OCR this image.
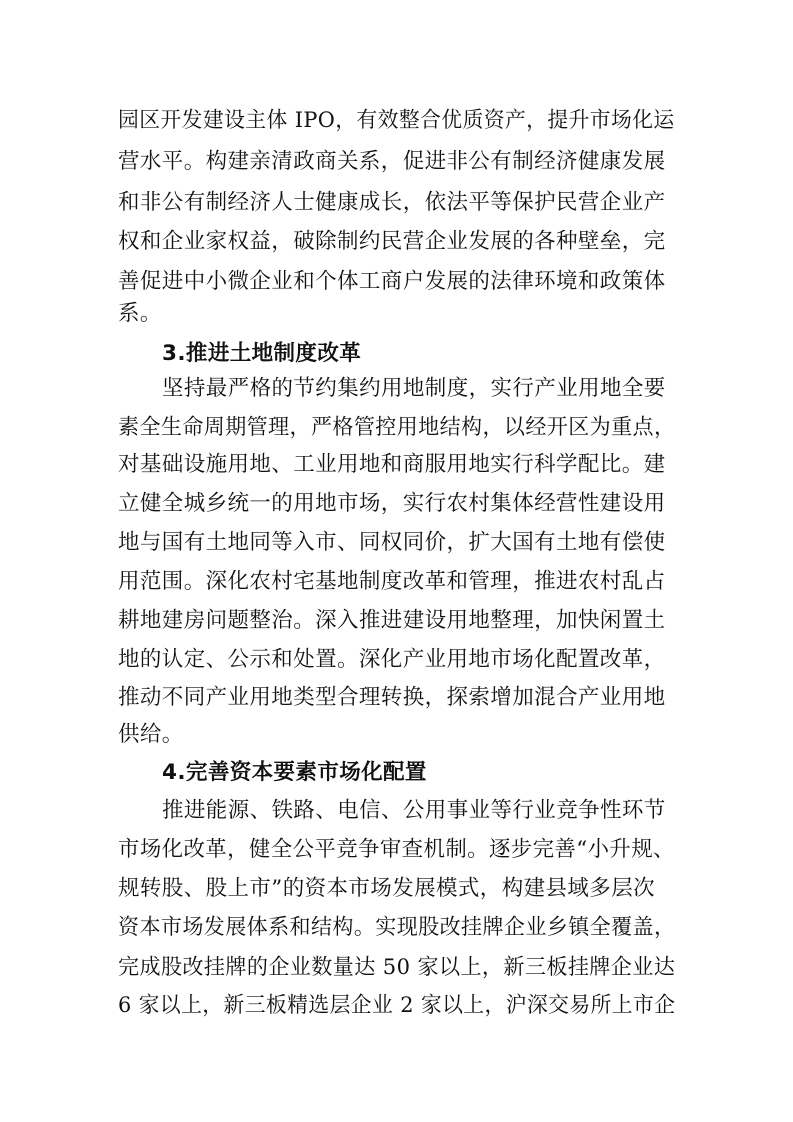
园区开发建设主体 IPO，有效整合优质资产，提升市场化运
营水平。构建亲清政商关系，促进非公有制经济健康发展
和非公有制经济人士健康成长，依法平等保护民营企业产
权和企业家权益，破除制约民营企业发展的各种壁垒，完
善促进中小微企业和个体工商户发展的法律环境和政策体
系。
3.推进土地制度改革
坚持最严格的节约集约用地制度，实行产业用地全要
素全生命周期管理，严格管控用地结构，以经开区为重点，
对基础设施用地、工业用地和商服用地实行科学配比。建
立健全城乡统一的用地市场，实行农村集体经营性建设用
地与国有土地同等入市、同权同价，扩大国有土地有偿使
用范围。深化农村宅基地制度改革和管理，推进农村乱占
耕地建房问题整治。深入推进建设用地整理，加快闲置土
地的认定、公示和处置。深化产业用地市场化配置改革，
推动不同产业用地类型合理转换，探索增加混合产业用地
供给。
4.完善资本要素市场化配置
推进能源、铁路、电信、公用事业等行业竞争性环节
市场化改革，健全公平竞争审查机制。逐步完善“小升规、
规转股、股上市”的资本市场发展模式，构建县域多层次
资本市场发展体系和结构。实现股改挂牌企业乡镇全覆盖，
完成股改挂牌的企业数量达 50 家以上，新三板挂牌企业达
6 家以上，新三板精选层企业 2 家以上，沪深交易所上市企
